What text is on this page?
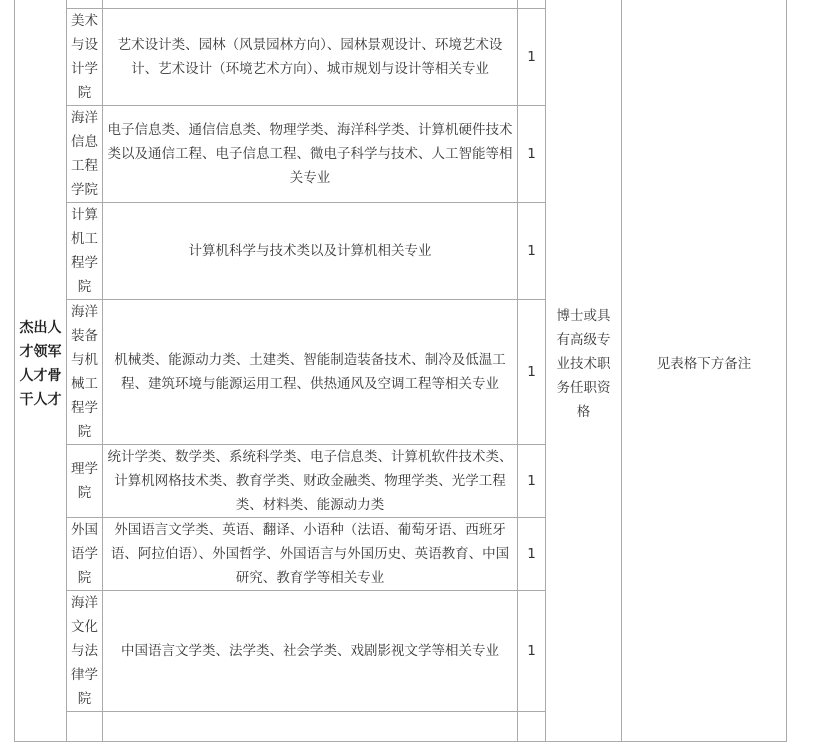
杰出人才领军人才骨干人才				博士或具有高级专业技术职务任职资格	见表格下方备注
	美术与设计学院	艺术设计类、园林（风景园林方向）、园林景观设计、环境艺术设计、艺术设计（环境艺术方向）、城市规划与设计等相关专业	1		
	海洋信息工程学院	电子信息类、通信信息类、物理学类、海洋科学类、计算机硬件技术类以及通信工程、电子信息工程、微电子科学与技术、人工智能等相关专业	1		
	计算机工程学院	计算机科学与技术类以及计算机相关专业	1		
	海洋装备与机械工程学院	机械类、能源动力类、土建类、智能制造装备技术、制冷及低温工程、建筑环境与能源运用工程、供热通风及空调工程等相关专业	1		
	理学院	统计学类、数学类、系统科学类、电子信息类、计算机软件技术类、计算机网格技术类、教育学类、财政金融类、物理学类、光学工程类、材料类、能源动力类	1		
	外国语学院	外国语言文学类、英语、翻译、小语种（法语、葡萄牙语、西班牙语、阿拉伯语）、外国哲学、外国语言与外国历史、英语教育、中国研究、教育学等相关专业	1		
	海洋文化与法律学院	中国语言文学类、法学类、社会学类、戏剧影视文学等相关专业	1		
